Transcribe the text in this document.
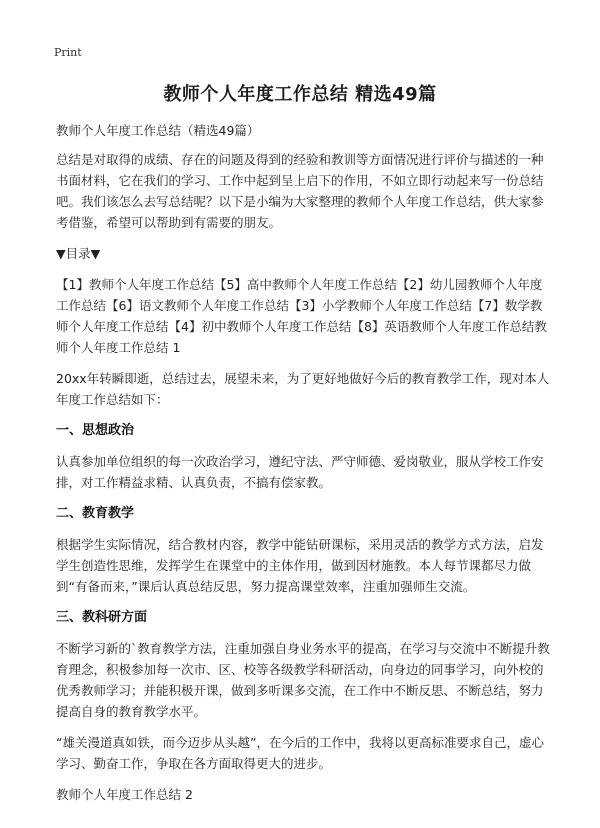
Print
教师个人年度工作总结 精选49篇

教师个人年度工作总结（精选49篇）

总结是对取得的成绩、存在的问题及得到的经验和教训等方面情况进行评价与描述的一种书面材料，它在我们的学习、工作中起到呈上启下的作用，不如立即行动起来写一份总结吧。我们该怎么去写总结呢？以下是小编为大家整理的教师个人年度工作总结，供大家参考借鉴，希望可以帮助到有需要的朋友。

▼目录▼

【1】教师个人年度工作总结【5】高中教师个人年度工作总结【2】幼儿园教师个人年度工作总结【6】语文教师个人年度工作总结【3】小学教师个人年度工作总结【7】数学教师个人年度工作总结【4】初中教师个人年度工作总结【8】英语教师个人年度工作总结教师个人年度工作总结 1

20xx年转瞬即逝，总结过去，展望未来，为了更好地做好今后的教育教学工作，现对本人年度工作总结如下：

一、思想政治

认真参加单位组织的每一次政治学习，遵纪守法、严守师德、爱岗敬业，服从学校工作安排，对工作精益求精、认真负责，不搞有偿家教。

二、教育教学

根据学生实际情况，结合教材内容，教学中能钻研课标，采用灵活的教学方式方法，启发学生创造性思维，发挥学生在课堂中的主体作用，做到因材施教。本人每节课都尽力做到“有备而来，”课后认真总结反思，努力提高课堂效率，注重加强师生交流。

三、教科研方面

不断学习新的`教育教学方法，注重加强自身业务水平的提高，在学习与交流中不断提升教育理念，积极参加每一次市、区、校等各级教学科研活动，向身边的同事学习，向外校的优秀教师学习；并能积极开课，做到多听课多交流，在工作中不断反思、不断总结，努力提高自身的教育教学水平。

“雄关漫道真如铁，而今迈步从头越”，在今后的工作中，我将以更高标准要求自己，虚心学习、勤奋工作，争取在各方面取得更大的进步。

教师个人年度工作总结 2
